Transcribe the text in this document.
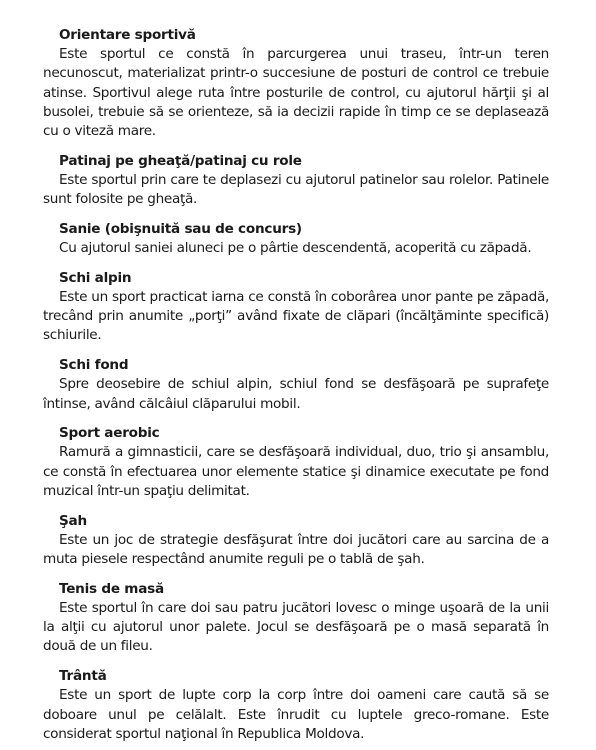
Orientare sportivă

Este sportul ce constă în parcurgerea unui traseu, într-un teren necunoscut, materializat printr-o succesiune de posturi de control ce trebuie atinse. Sportivul alege ruta între posturile de control, cu ajutorul hărţii şi al busolei, trebuie să se orienteze, să ia decizii rapide în timp ce se deplasează cu o viteză mare.

Patinaj pe gheaţă/patinaj cu role

Este sportul prin care te deplasezi cu ajutorul patinelor sau rolelor. Patinele sunt folosite pe gheaţă.

Sanie (obişnuită sau de concurs)

Cu ajutorul saniei aluneci pe o pârtie descendentă, acoperită cu zăpadă.

Schi alpin

Este un sport practicat iarna ce constă în coborârea unor pante pe zăpadă, trecând prin anumite „porţi” având fixate de clăpari (încălţăminte specifică) schiurile.

Schi fond

Spre deosebire de schiul alpin, schiul fond se desfăşoară pe suprafeţe întinse, având călcâiul clăparului mobil.

Sport aerobic

Ramură a gimnasticii, care se desfăşoară individual, duo, trio şi ansamblu, ce constă în efectuarea unor elemente statice şi dinamice executate pe fond muzical într-un spaţiu delimitat.

Şah

Este un joc de strategie desfăşurat între doi jucători care au sarcina de a muta piesele respectând anumite reguli pe o tablă de şah.

Tenis de masă

Este sportul în care doi sau patru jucători lovesc o minge uşoară de la unii la alţii cu ajutorul unor palete. Jocul se desfăşoară pe o masă separată în două de un fileu.

Trântă

Este un sport de lupte corp la corp între doi oameni care caută să se doboare unul pe celălalt. Este înrudit cu luptele greco-romane. Este considerat sportul naţional în Republica Moldova.
